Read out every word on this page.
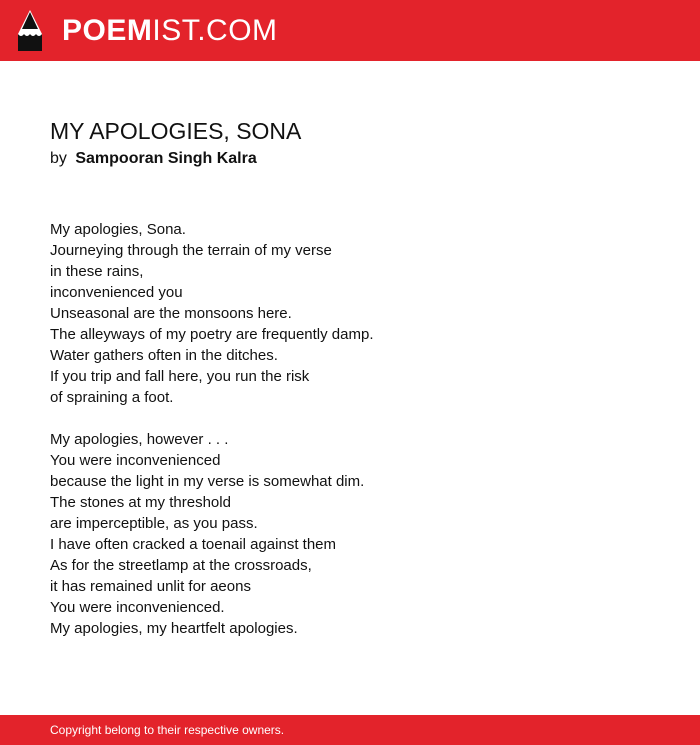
POEMIST.COM
MY APOLOGIES, SONA
by Sampooran Singh Kalra
My apologies, Sona.
Journeying through the terrain of my verse
in these rains,
inconvenienced you
Unseasonal are the monsoons here.
The alleyways of my poetry are frequently damp.
Water gathers often in the ditches.
If you trip and fall here, you run the risk
of spraining a foot.
My apologies, however . . .
You were inconvenienced
because the light in my verse is somewhat dim.
The stones at my threshold
are imperceptible, as you pass.
I have often cracked a toenail against them
As for the streetlamp at the crossroads,
it has remained unlit for aeons
You were inconvenienced.
My apologies, my heartfelt apologies.
Copyright belong to their respective owners.
